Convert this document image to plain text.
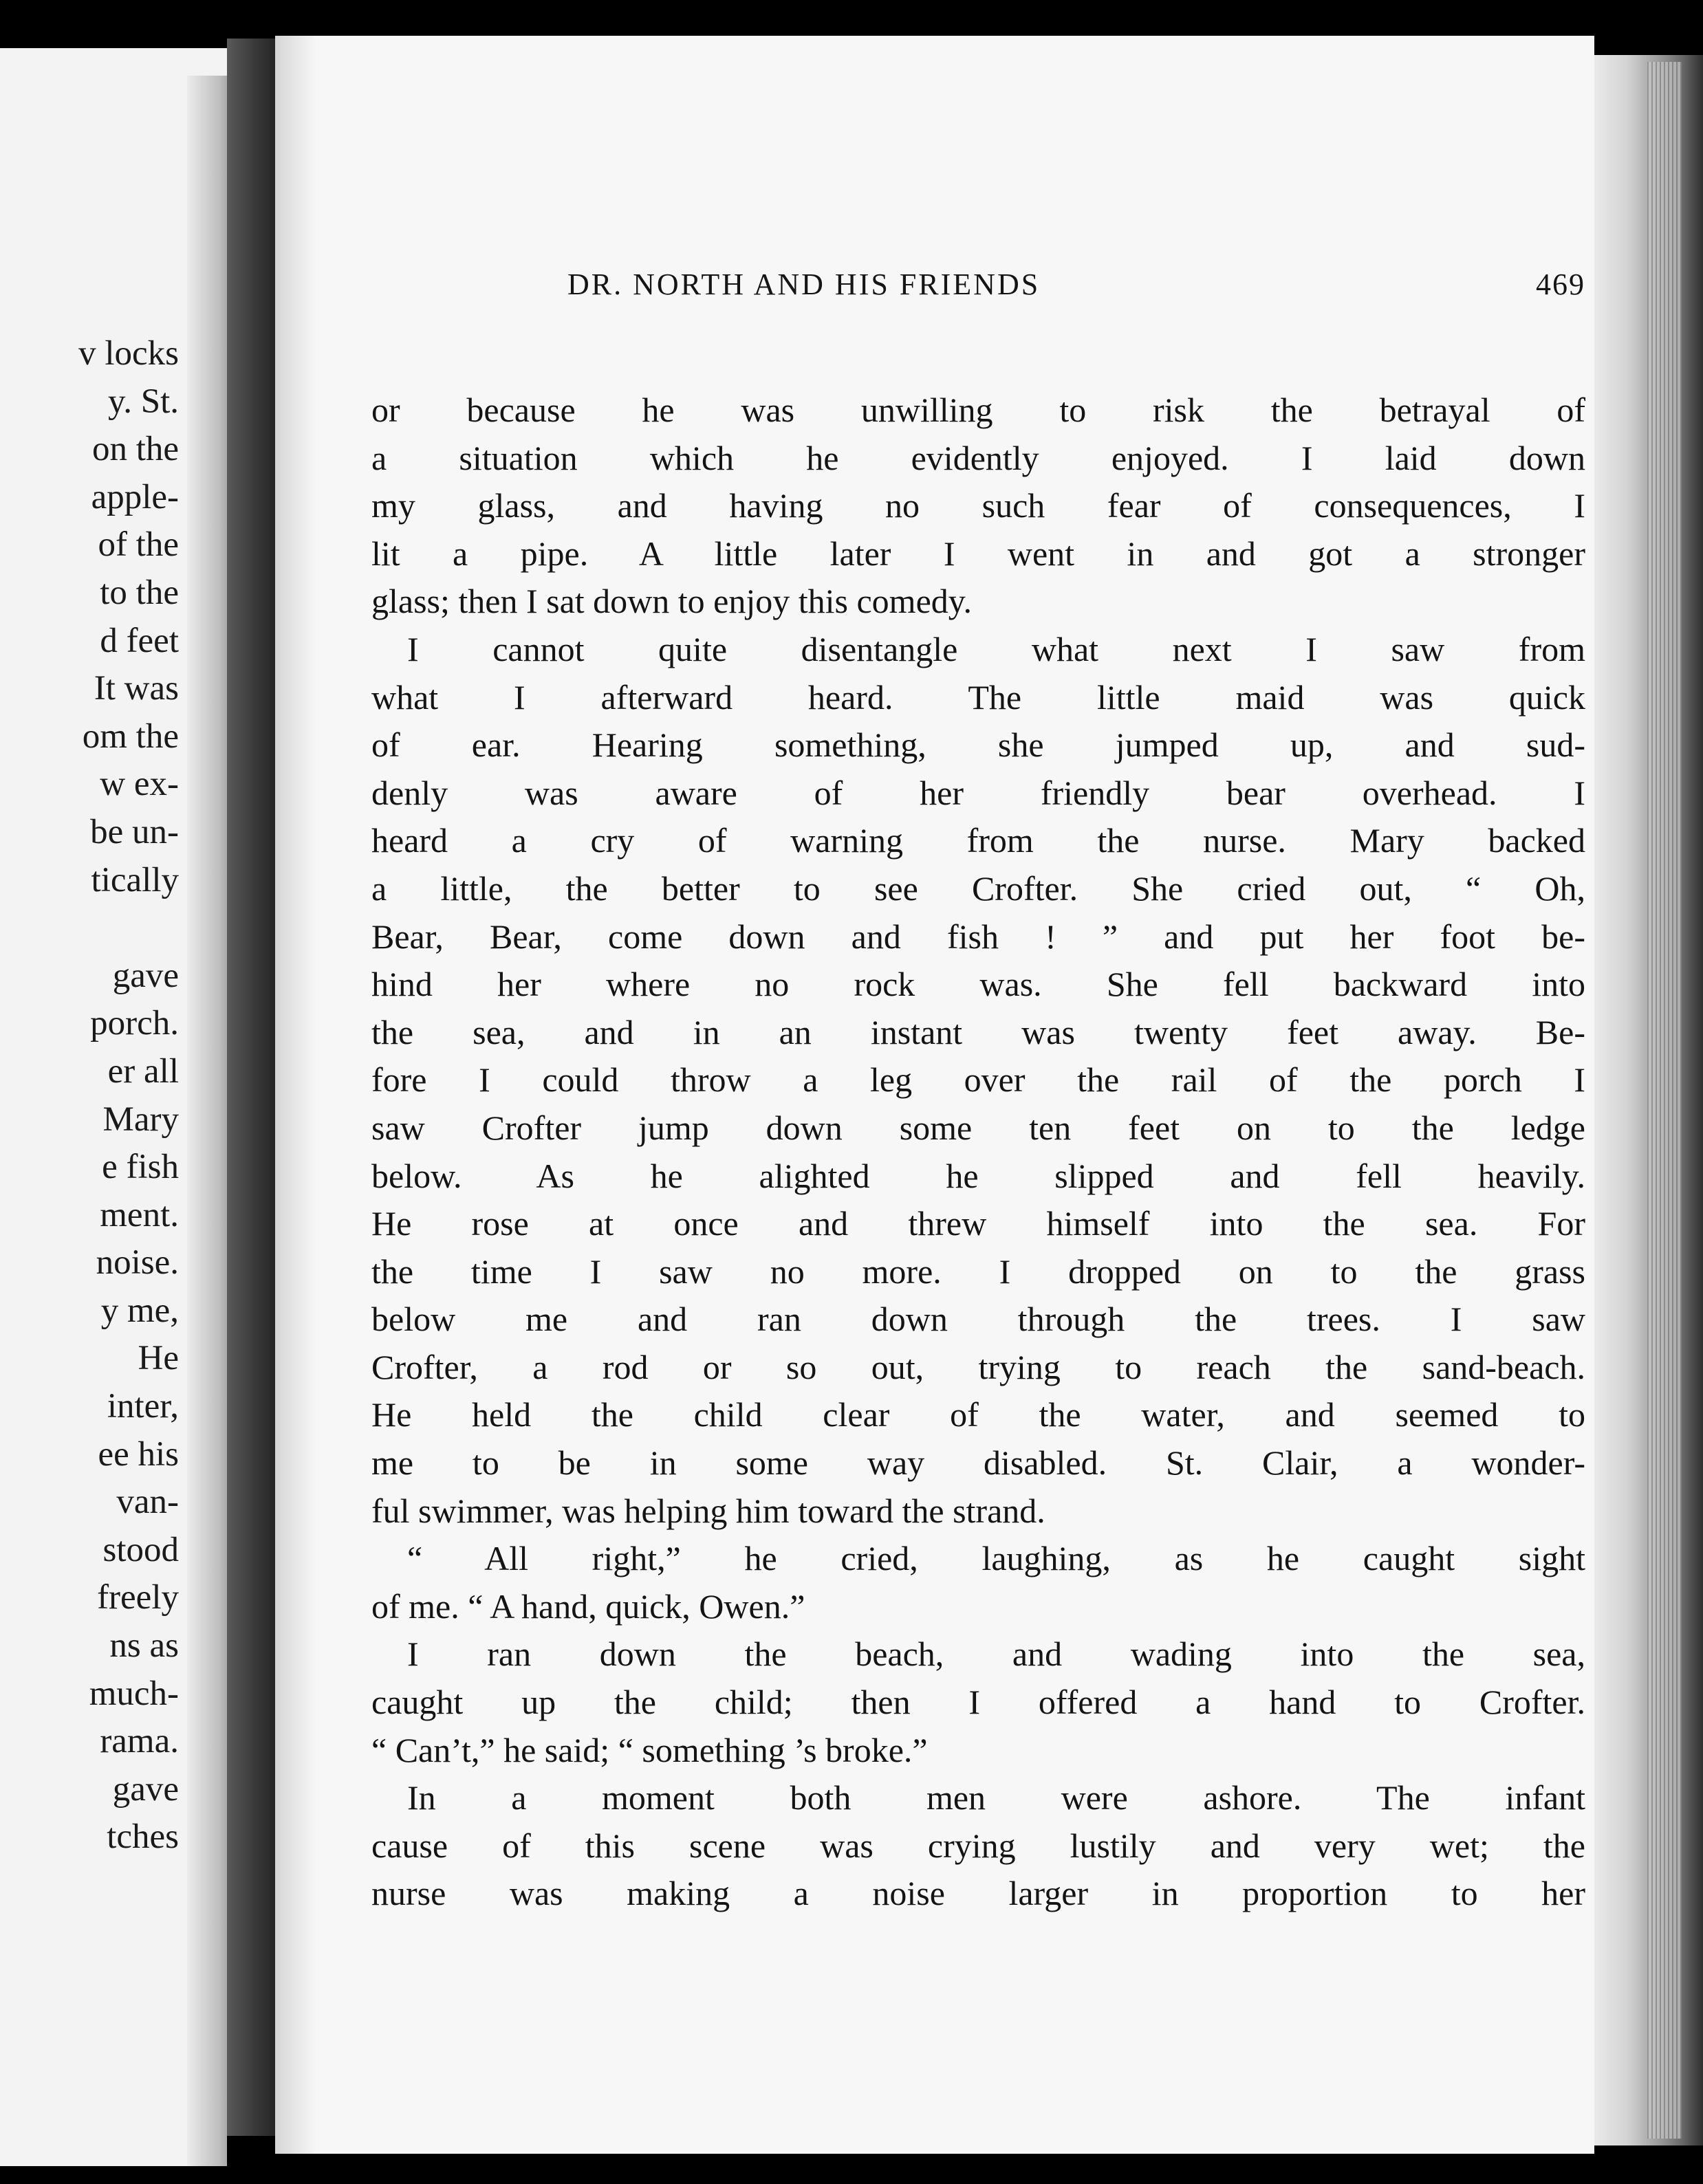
v locks
y. St.
on the
apple-
of the
to the
d feet
It was
om the
w ex-
be un-
tically
gave
porch.
er all
Mary
e fish
ment.
noise.
y me,
He
inter,
ee his
van-
stood
freely
ns as
much-
rama.
gave
tches
DR. NORTH AND HIS FRIENDS	469
or because he was unwilling to risk the betrayal of
a situation which he evidently enjoyed. I laid down
my glass, and having no such fear of consequences, I
lit a pipe. A little later I went in and got a stronger
glass; then I sat down to enjoy this comedy.
I cannot quite disentangle what next I saw from
what I afterward heard. The little maid was quick
of ear. Hearing something, she jumped up, and sud-
denly was aware of her friendly bear overhead. I
heard a cry of warning from the nurse. Mary backed
a little, the better to see Crofter. She cried out, “ Oh,
Bear, Bear, come down and fish ! ” and put her foot be-
hind her where no rock was. She fell backward into
the sea, and in an instant was twenty feet away. Be-
fore I could throw a leg over the rail of the porch I
saw Crofter jump down some ten feet on to the ledge
below. As he alighted he slipped and fell heavily.
He rose at once and threw himself into the sea. For
the time I saw no more. I dropped on to the grass
below me and ran down through the trees. I saw
Crofter, a rod or so out, trying to reach the sand-beach.
He held the child clear of the water, and seemed to
me to be in some way disabled. St. Clair, a wonder-
ful swimmer, was helping him toward the strand.
“ All right,” he cried, laughing, as he caught sight
of me. “ A hand, quick, Owen.”
I ran down the beach, and wading into the sea,
caught up the child; then I offered a hand to Crofter.
“ Can’t,” he said; “ something ’s broke.”
In a moment both men were ashore. The infant
cause of this scene was crying lustily and very wet; the
nurse was making a noise larger in proportion to her
